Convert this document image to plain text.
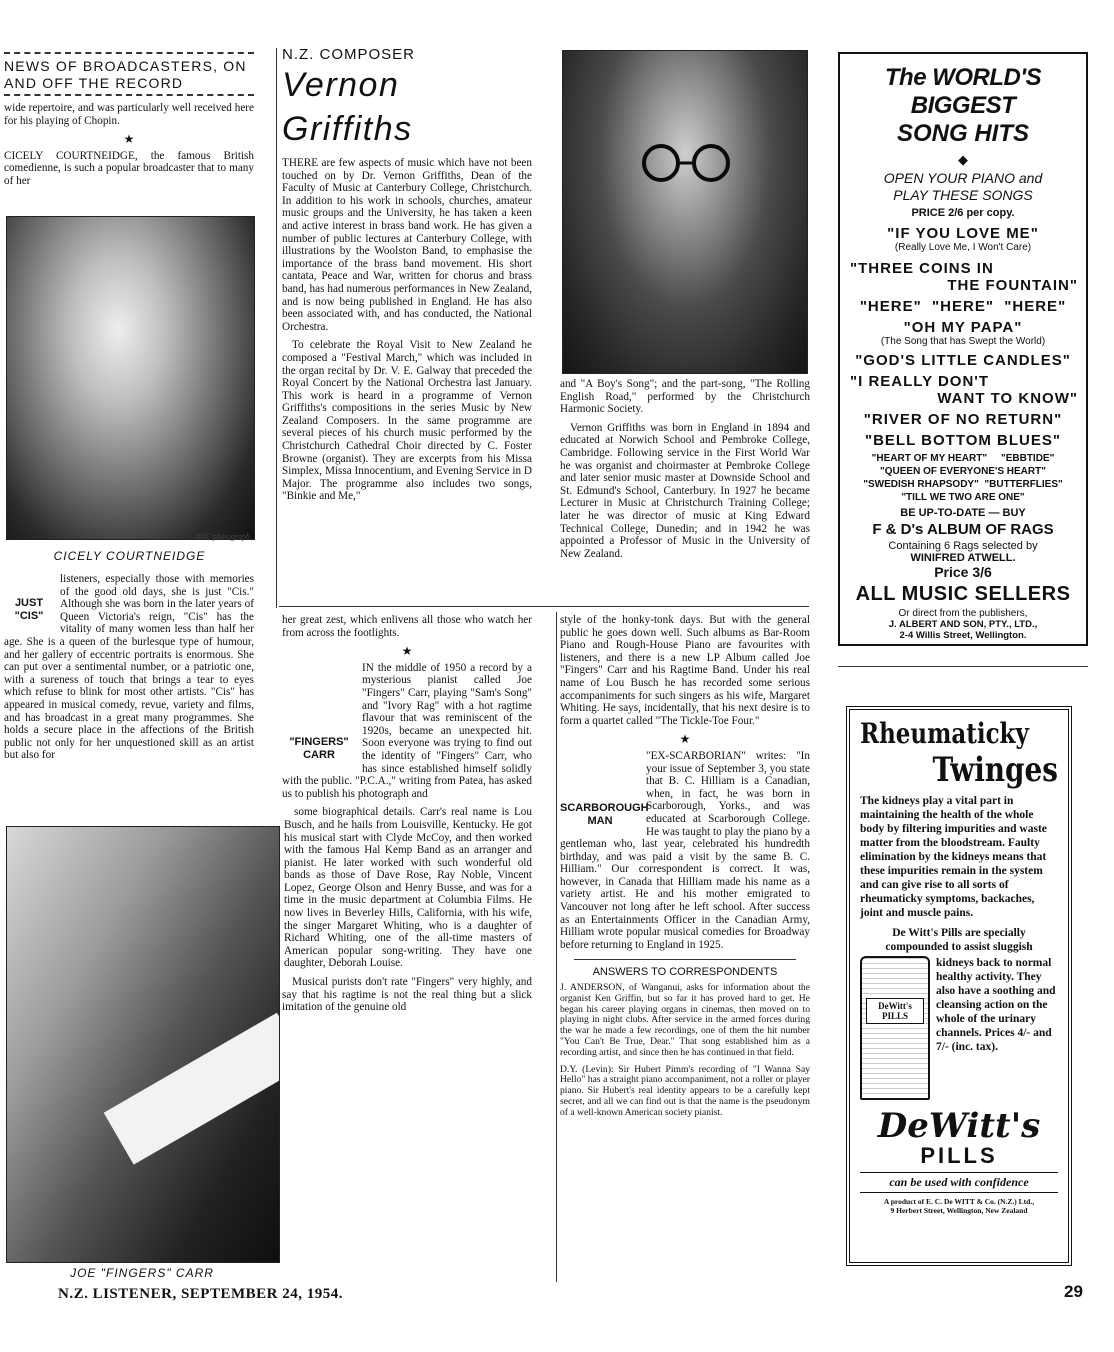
NEWS OF BROADCASTERS, ON AND OFF THE RECORD

wide repertoire, and was particularly well received here for his playing of Chopin.

★

CICELY COURTNEIDGE, the famous British comedienne, is such a popular broadcaster that to many of her

BBC photograph
CICELY COURTNEIDGE
JUST "CIS"

listeners, especially those with memories of the good old days, she is just "Cis." Although she was born in the later years of Queen Victoria's reign, "Cis" has the vitality of many women less than half her age. She is a queen of the burlesque type of humour, and her gallery of eccentric portraits is enormous. She can put over a sentimental number, or a patriotic one, with a sureness of touch that brings a tear to eyes which refuse to blink for most other artists. "Cis" has appeared in musical comedy, revue, variety and films, and has broadcast in a great many programmes. She holds a secure place in the affections of the British public not only for her unquestioned skill as an artist but also for

JOE "FINGERS" CARR
N.Z. LISTENER, SEPTEMBER 24, 1954.
N.Z. COMPOSER
Vernon Griffiths

THERE are few aspects of music which have not been touched on by Dr. Vernon Griffiths, Dean of the Faculty of Music at Canterbury College, Christchurch. In addition to his work in schools, churches, amateur music groups and the University, he has taken a keen and active interest in brass band work. He has given a number of public lectures at Canterbury College, with illustrations by the Woolston Band, to emphasise the importance of the brass band movement. His short cantata, Peace and War, written for chorus and brass band, has had numerous performances in New Zealand, and is now being published in England. He has also been associated with, and has conducted, the National Orchestra.

To celebrate the Royal Visit to New Zealand he composed a "Festival March," which was included in the organ recital by Dr. V. E. Galway that preceded the Royal Concert by the National Orchestra last January. This work is heard in a programme of Vernon Griffiths's compositions in the series Music by New Zealand Composers. In the same programme are several pieces of his church music performed by the Christchurch Cathedral Choir directed by C. Foster Browne (organist). They are excerpts from his Missa Simplex, Missa Innocentium, and Evening Service in D Major. The programme also includes two songs, "Binkie and Me,"

and "A Boy's Song"; and the part-song, "The Rolling English Road," performed by the Christchurch Harmonic Society.

Vernon Griffiths was born in England in 1894 and educated at Norwich School and Pembroke College, Cambridge. Following service in the First World War he was organist and choirmaster at Pembroke College and later senior music master at Downside School and St. Edmund's School, Canterbury. In 1927 he became Lecturer in Music at Christchurch Training College; later he was director of music at King Edward Technical College, Dunedin; and in 1942 he was appointed a Professor of Music in the University of New Zealand.

her great zest, which enlivens all those who watch her from across the footlights.

★

"FINGERS" CARR
IN the middle of 1950 a record by a mysterious pianist called Joe "Fingers" Carr, playing "Sam's Song" and "Ivory Rag" with a hot ragtime flavour that was reminiscent of the 1920s, became an unexpected hit. Soon everyone was trying to find out the identity of "Fingers" Carr, who has since established himself solidly with the public. "P.C.A.," writing from Patea, has asked us to publish his photograph and

some biographical details. Carr's real name is Lou Busch, and he hails from Louisville, Kentucky. He got his musical start with Clyde McCoy, and then worked with the famous Hal Kemp Band as an arranger and pianist. He later worked with such wonderful old bands as those of Dave Rose, Ray Noble, Vincent Lopez, George Olson and Henry Busse, and was for a time in the music department at Columbia Films. He now lives in Beverley Hills, California, with his wife, the singer Margaret Whiting, who is a daughter of Richard Whiting, one of the all-time masters of American popular song-writing. They have one daughter, Deborah Louise.

Musical purists don't rate "Fingers" very highly, and say that his ragtime is not the real thing but a slick imitation of the genuine old

style of the honky-tonk days. But with the general public he goes down well. Such albums as Bar-Room Piano and Rough-House Piano are favourites with listeners, and there is a new LP Album called Joe "Fingers" Carr and his Ragtime Band. Under his real name of Lou Busch he has recorded some serious accompaniments for such singers as his wife, Margaret Whiting. He says, incidentally, that his next desire is to form a quartet called "The Tickle-Toe Four."

★

SCARBOROUGH MAN
"EX-SCARBORIAN" writes: "In your issue of September 3, you state that B. C. Hilliam is a Canadian, when, in fact, he was born in Scarborough, Yorks., and was educated at Scarborough College. He was taught to play the piano by a gentleman who, last year, celebrated his hundredth birthday, and was paid a visit by the same B. C. Hilliam." Our correspondent is correct. It was, however, in Canada that Hilliam made his name as a variety artist. He and his mother emigrated to Vancouver not long after he left school. After success as an Entertainments Officer in the Canadian Army, Hilliam wrote popular musical comedies for Broadway before returning to England in 1925.

ANSWERS TO CORRESPONDENTS

J. ANDERSON, of Wanganui, asks for information about the organist Ken Griffin, but so far it has proved hard to get. He began his career playing organs in cinemas, then moved on to playing in night clubs. After service in the armed forces during the war he made a few recordings, one of them the hit number "You Can't Be True, Dear." That song established him as a recording artist, and since then he has continued in that field.

D.Y. (Levin): Sir Hubert Pimm's recording of "I Wanna Say Hello" has a straight piano accompaniment, not a roller or player piano. Sir Hubert's real identity appears to be a carefully kept secret, and all we can find out is that the name is the pseudonym of a well-known American society pianist.

29
The WORLD'S BIGGEST
SONG HITS
◆
OPEN YOUR PIANO and
PLAY THESE SONGS
PRICE 2/6 per copy.
"IF YOU LOVE ME"
(Really Love Me, I Won't Care)
"THREE COINS IN
THE FOUNTAIN"
"HERE"  "HERE"  "HERE"
"OH MY PAPA"
(The Song that has Swept the World)
"GOD'S LITTLE CANDLES"
"I REALLY DON'T
WANT TO KNOW"
"RIVER OF NO RETURN"
"BELL BOTTOM BLUES"
"HEART OF MY HEART"     "EBBTIDE"
"QUEEN OF EVERYONE'S HEART"
"SWEDISH RHAPSODY"  "BUTTERFLIES"
"TILL WE TWO ARE ONE"
BE UP-TO-DATE — BUY
F & D's ALBUM OF RAGS
Containing 6 Rags selected by
WINIFRED ATWELL.
Price 3/6
ALL MUSIC SELLERS
Or direct from the publishers,
J. ALBERT AND SON, PTY., LTD.,
2-4 Willis Street, Wellington.
Rheumaticky
Twinges
The kidneys play a vital part in maintaining the health of the whole body by filtering impurities and waste matter from the bloodstream. Faulty elimination by the kidneys means that these impurities remain in the system and can give rise to all sorts of rheumaticky symptoms, backaches, joint and muscle pains.
De Witt's Pills are specially compounded to assist sluggish
DeWitt's PILLS
kidneys back to normal healthy activity. They also have a soothing and cleansing action on the whole of the urinary channels. Prices 4/- and 7/- (inc. tax).
DeWitt's
PILLS
can be used with confidence
A product of E. C. De WITT & Co. (N.Z.) Ltd.,
9 Herbert Street, Wellington, New Zealand
